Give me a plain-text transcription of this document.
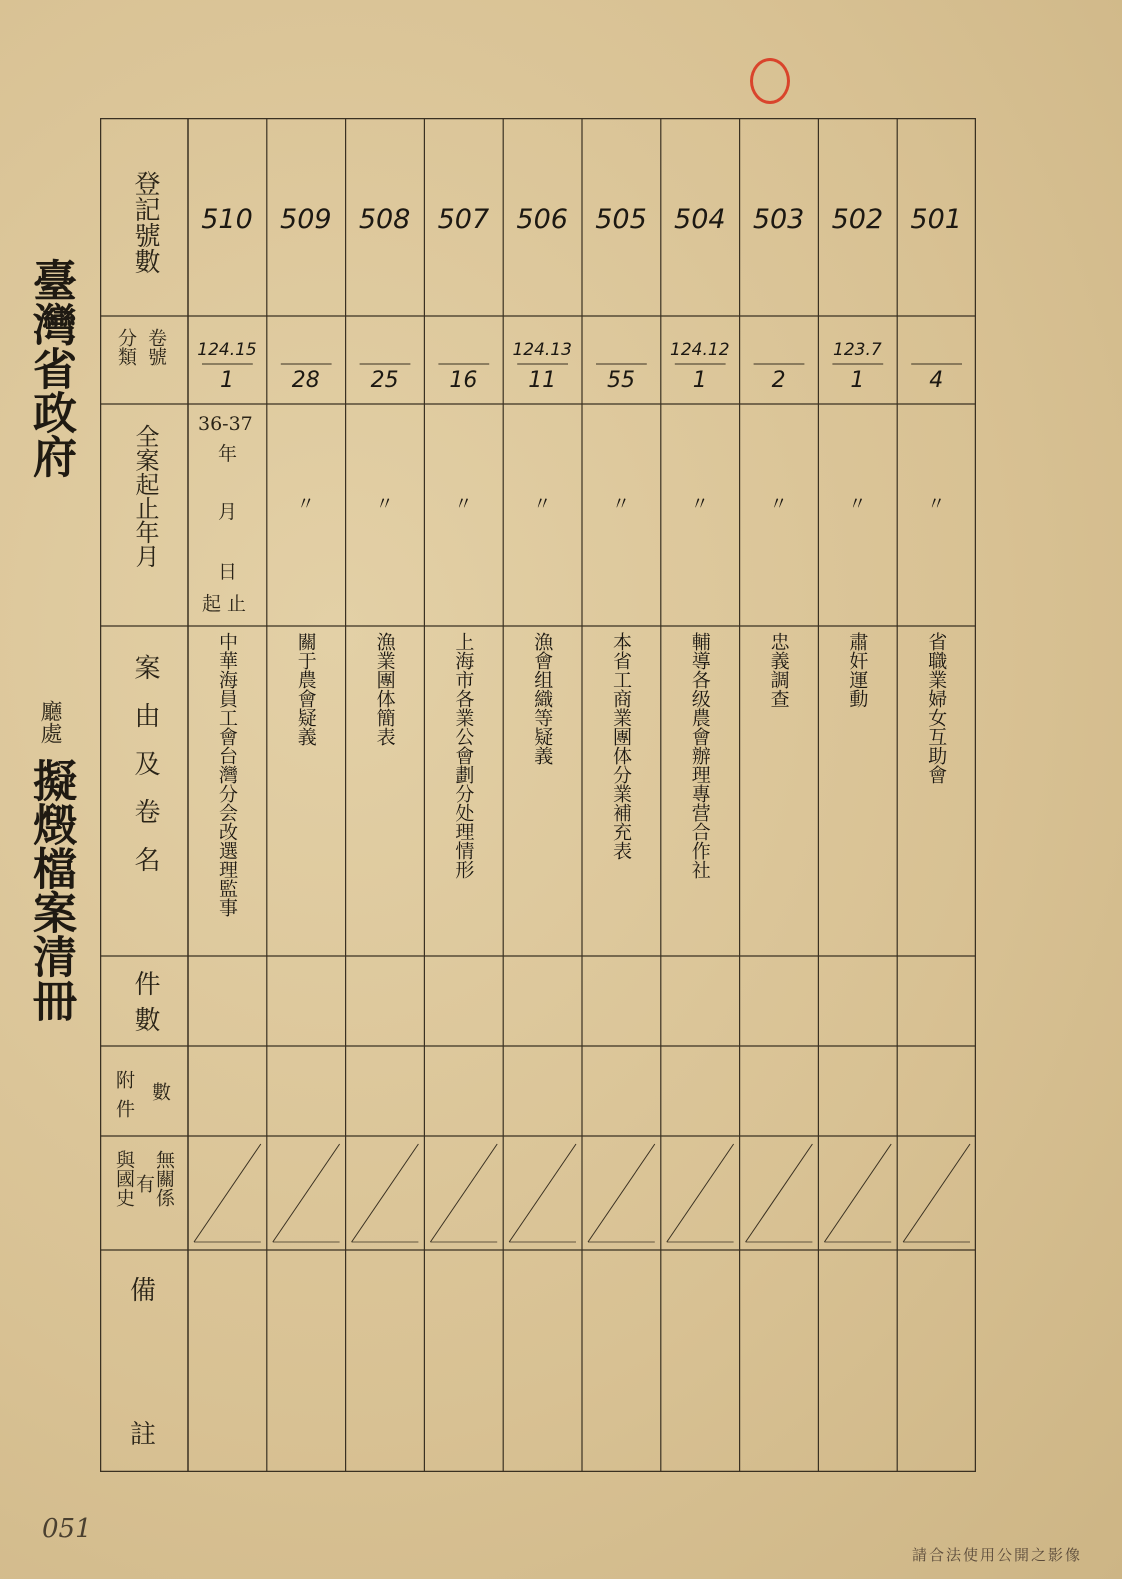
臺灣省政府
廳處
擬燬檔案清冊
登記號數
卷號
分類
全案起止年月 36-37
年
月
日
起止
案由及卷名
件數
附件 數
無關係
有
與國史
備
註
510
124.15
1
中華海員工會台灣分会改選理監事
509
28
〃
關于農會疑義
508
25
〃
漁業團体簡表
507
16
〃
上海市各業公會劃分处理情形
506
124.13
11
〃
漁會组織等疑義
505
55
〃
本省工商業團体分業補充表
504
124.12
1
〃
輔導各级農會辦理專营合作社
503
2
〃
忠義調查
502
123.7
1
〃
肅奸運動
501
4
〃
省職業婦女互助會
051
請合法使用公開之影像
